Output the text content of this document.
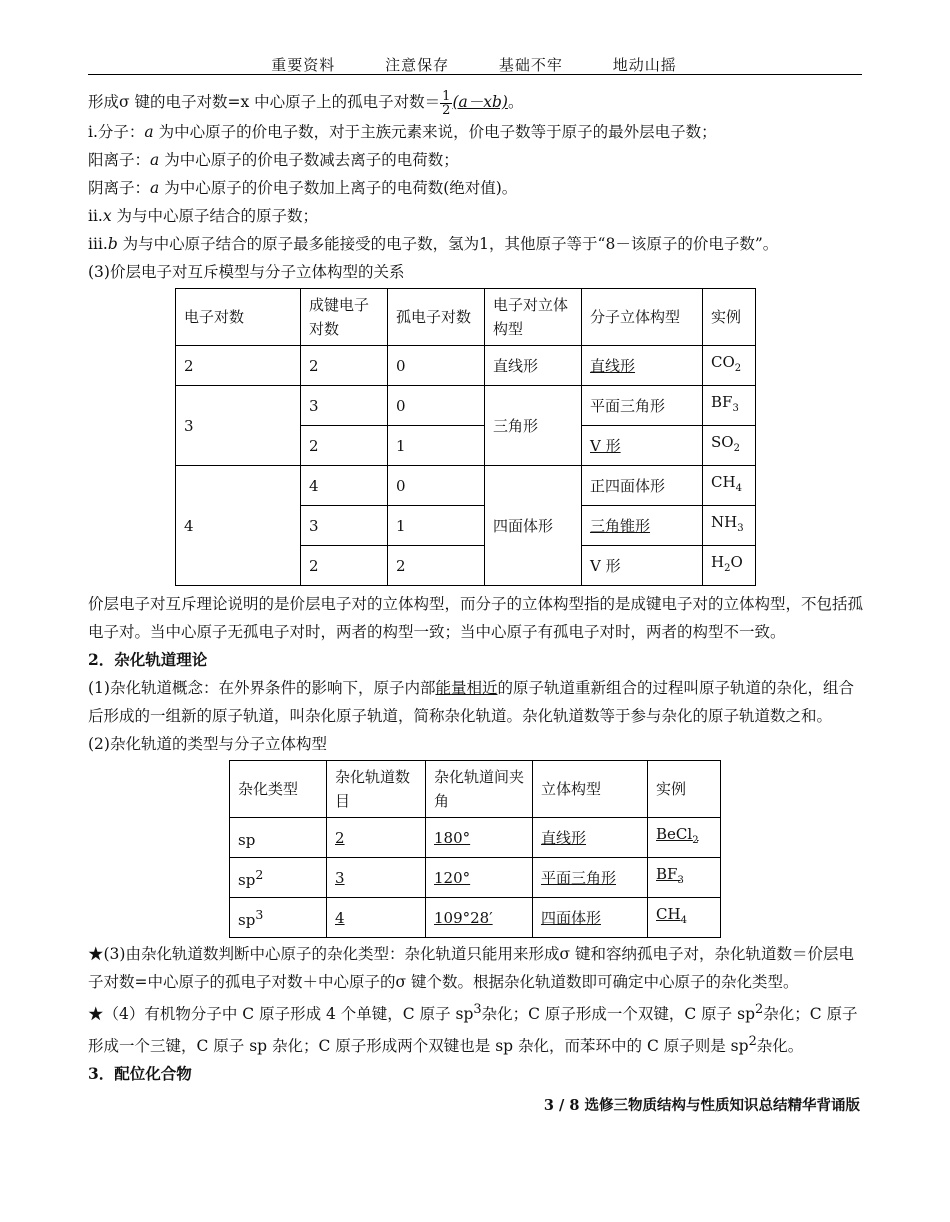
重要资料	注意保存	基础不牢	地动山摇

形成σ 键的电子对数=x 中心原子上的孤电子对数＝ $\frac{1}{2}(a-xb)$。

ⅰ.分子：a 为中心原子的价电子数，对于主族元素来说，价电子数等于原子的最外层电子数；

阳离子：a 为中心原子的价电子数减去离子的电荷数；

阴离子：a 为中心原子的价电子数加上离子的电荷数(绝对值)。

ⅱ.x 为与中心原子结合的原子数；

ⅲ.b 为与中心原子结合的原子最多能接受的电子数，氢为1，其他原子等于“8－该原子的价电子数”。

(3)价层电子对互斥模型与分子立体构型的关系

电子对数	成键电子对数	孤电子对数	电子对立体构型	分子立体构型	实例
2	2	0	直线形	直线形	$CO_2$
3	3	0	三角形	平面三角形	$BF_3$
	2	1		V 形	$SO_2$
4	4	0	四面体形	正四面体形	$CH_4$
	3	1		三角锥形	$NH_3$
	2	2		V 形	$H_2O$

价层电子对互斥理论说明的是价层电子对的立体构型，而分子的立体构型指的是成键电子对的立体构型，不包括孤电子对。当中心原子无孤电子对时，两者的构型一致；当中心原子有孤电子对时，两者的构型不一致。

2．杂化轨道理论

(1)杂化轨道概念：在外界条件的影响下，原子内部能量相近的原子轨道重新组合的过程叫原子轨道的杂化，组合后形成的一组新的原子轨道，叫杂化原子轨道，简称杂化轨道。杂化轨道数等于参与杂化的原子轨道数之和。

(2)杂化轨道的类型与分子立体构型

杂化类型	杂化轨道数目	杂化轨道间夹角	立体构型	实例
sp	2	180°	直线形	BeCl$_2$
$sp^2$	3	120°	平面三角形	$BF_3$
$sp^3$	4	109°28′	四面体形	$CH_4$

★(3)由杂化轨道数判断中心原子的杂化类型：杂化轨道只能用来形成σ 键和容纳孤电子对，杂化轨道数＝价层电子对数=中心原子的孤电子对数＋中心原子的σ 键个数。根据杂化轨道数即可确定中心原子的杂化类型。

★（4）有机物分子中 C 原子形成 4 个单键，C 原子 $sp^3$杂化；C 原子形成一个双键，C 原子 $sp^2$杂化；C 原子形成一个三键，C 原子 sp 杂化；C 原子形成两个双键也是 sp 杂化，而苯环中的 C 原子则是 $sp^2$杂化。

3．配位化合物
3 / 8 选修三物质结构与性质知识总结精华背诵版
